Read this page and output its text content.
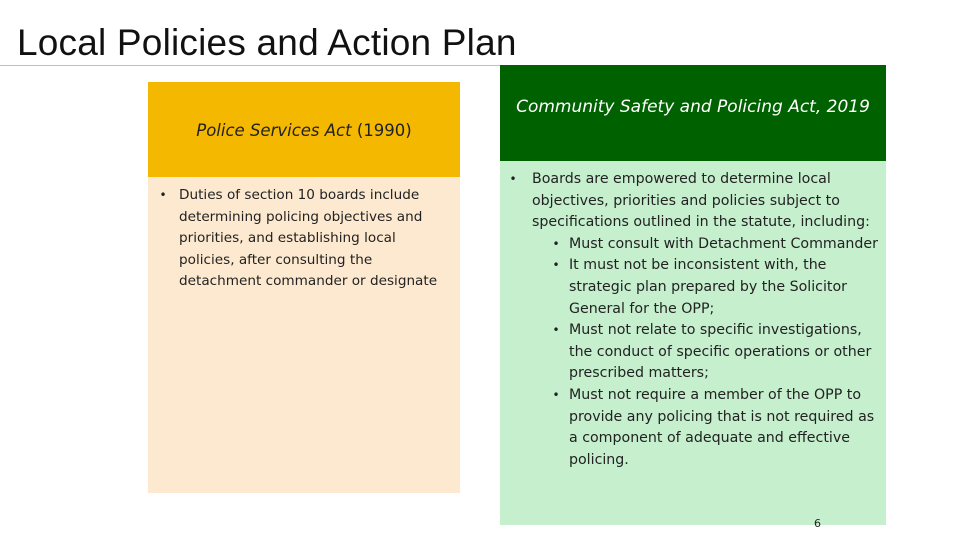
Local Policies and Action Plan
Police Services Act (1990)
• Duties of section 10 boards include determining policing objectives and priorities, and establishing local policies, after consulting the detachment commander or designate
Community Safety and Policing Act, 2019
• Boards are empowered to determine local objectives, priorities and policies subject to specifications outlined in the statute, including:
• Must consult with Detachment Commander
• It must not be inconsistent with, the strategic plan prepared by the Solicitor General for the OPP;
• Must not relate to specific investigations, the conduct of specific operations or other prescribed matters;
• Must not require a member of the OPP to provide any policing that is not required as a component of adequate and effective policing.
6
